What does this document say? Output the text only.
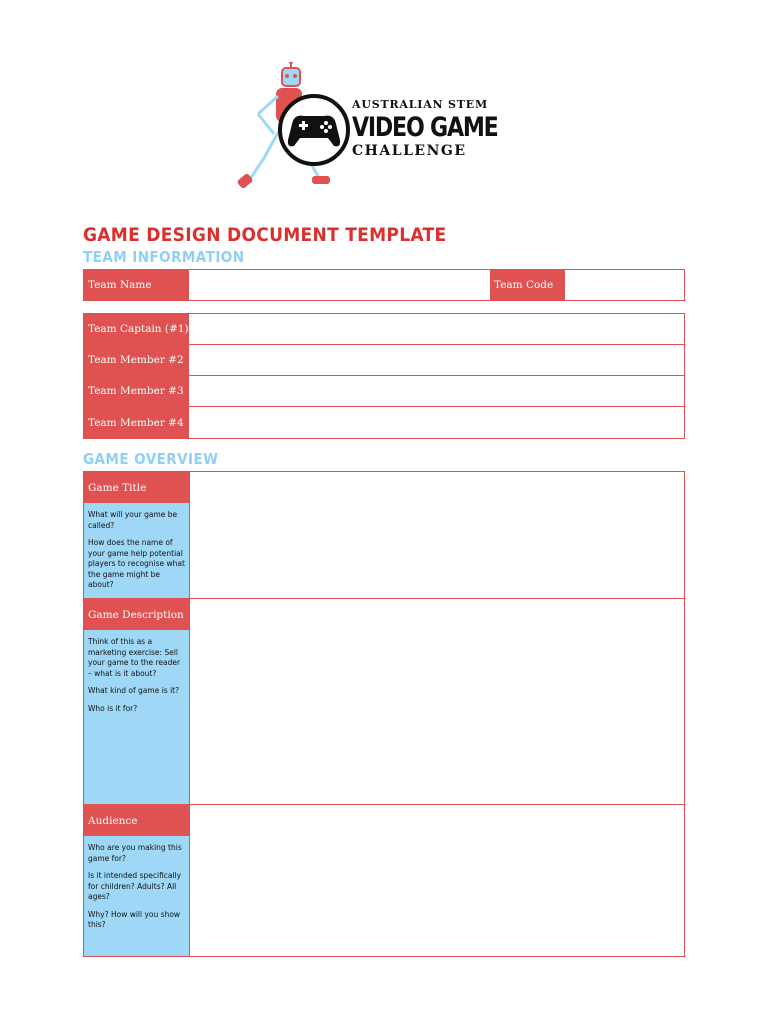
AUSTRALIAN STEM
VIDEO GAME
CHALLENGE
GAME DESIGN DOCUMENT TEMPLATE
TEAM INFORMATION
Team Name	Team Code
Team Captain (#1)
Team Member #2
Team Member #3
Team Member #4
GAME OVERVIEW
Game Title

What will your game be called?

How does the name of your game help potential players to recognise what the game might be about?

Game Description

Think of this as a marketing exercise: Sell your game to the reader – what is it about?

What kind of game is it?

Who is it for?

Audience

Who are you making this game for?

Is it intended specifically for children? Adults? All ages?

Why? How will you show this?
